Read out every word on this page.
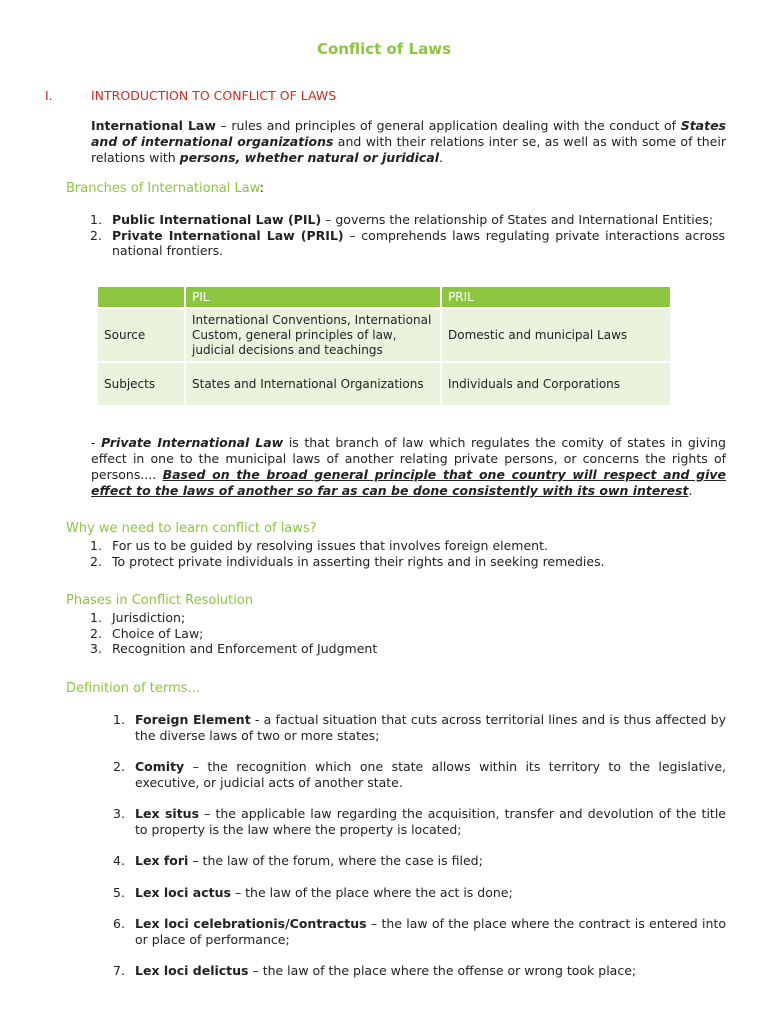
Conflict of Laws
I.	INTRODUCTION TO CONFLICT OF LAWS
International Law – rules and principles of general application dealing with the conduct of States and of international organizations and with their relations inter se, as well as with some of their relations with persons, whether natural or juridical.
Branches of International Law:
1. Public International Law (PIL) – governs the relationship of States and International Entities;
2. Private International Law (PRIL) – comprehends laws regulating private interactions across national frontiers.
	PIL	PRIL
Source	International Conventions, International Custom, general principles of law, judicial decisions and teachings	Domestic and municipal Laws
Subjects	States and International Organizations	Individuals and Corporations
- Private International Law is that branch of law which regulates the comity of states in giving effect in one to the municipal laws of another relating private persons, or concerns the rights of persons.... Based on the broad general principle that one country will respect and give effect to the laws of another so far as can be done consistently with its own interest.
Why we need to learn conflict of laws?
1. For us to be guided by resolving issues that involves foreign element.
2. To protect private individuals in asserting their rights and in seeking remedies.
Phases in Conflict Resolution
1. Jurisdiction;
2. Choice of Law;
3. Recognition and Enforcement of Judgment
Definition of terms…
1. Foreign Element - a factual situation that cuts across territorial lines and is thus affected by the diverse laws of two or more states;
2. Comity – the recognition which one state allows within its territory to the legislative, executive, or judicial acts of another state.
3. Lex situs – the applicable law regarding the acquisition, transfer and devolution of the title to property is the law where the property is located;
4. Lex fori – the law of the forum, where the case is filed;
5. Lex loci actus – the law of the place where the act is done;
6. Lex loci celebrationis/Contractus – the law of the place where the contract is entered into or place of performance;
7. Lex loci delictus – the law of the place where the offense or wrong took place;
